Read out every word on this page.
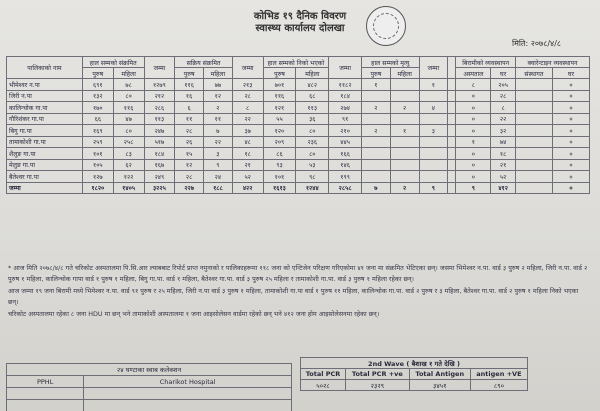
कोभिड १९ दैनिक विवरण
स्वास्थ्य कार्यालय दोलखा
मिति: २०७८/४/८
पालिकाको नाम	हाल सम्मको संक्रमित		जम्मा	सक्रिय संक्रमित		जम्मा	हाल सम्मको निको भएको		जम्मा	हाल सम्मको मृत्यु		जम्मा		बिरामीको व्यवस्थापन		क्वारेन्टाइन व्यवस्थापन	
	पुरुष	महिला		पुरुष	महिला		पुरुष	महिला		पुरुष	महिला			अस्पताल	घर	संस्थागत	घर
भीमेश्वर न.पा	६९१	७८	१२७९	११६	७७	२१३	७०१	४८२	११८२	१		१		८	२०५		०
जिरी न.पा	१३२	८०	२१२	१६	१२	२८	११६	६८	१८४					०	२८		०
कालिन्चोक गा.पा	१७०	११६	२८६	६	२	८	१२१	११३	२७४	२	२	४		०	८		०
गौरिशंकर गा.पा	६६	४७	११३	११	११	२२	५५	३६	९१					०	२२		०
बिगु गा.पा	१६९	८०	२४७	२८	७	३७	१२०	८०	२१०	२	१	३		०	३२		०
तामाकोशी गा.पा	२५९	२५८	५१७	२६	२२	४८	२०९	२३६	४४५					१	७४		०
शैलुङ गा.पा	१०१	८३	१८४	१५	३	१८	८६	८०	१६६					०	१८		०
मेलुङ गा.पा	१०५	६२	१६७	१२	९	२१	९३	५३	१४६					०	२१		०
बैतेश्वर गा.पा	१२७	१२२	२४९	२८	२४	५२	१०१	९८	१९९					०	५२		०
जम्मा	१८२०	१४०५	३२२५	२२७	१८८	४२२	१६१३	१२४४	२८५८	७	२	९		९	४१२		०

* आज मिति २०७८/४/८ गते चरिकोट अस्पतालमा पि.सि.आर ल्याबबाट रिपोर्ट प्राप्त नमुनाको र पालिकाहरूमा ११८ जना को एन्टिजेन परिक्षण गरिएकोमा ४१ जना मा संक्रमित भेटिएका छन्। जसमा भिमेश्वर न.पा. वार्ड ३ पुरुष २ महिला, जिरी न.पा. वार्ड २ पुरुष १ महिला, कालिन्चोक गापा वार्ड १ पुरुष १ महिला, बिगु गा.पा. वार्ड १ महिला, बैतेश्वर गा.पा. वार्ड ३ पुरुष २५ महिला र तामाकोशी गा.पा. वार्ड ३ पुरुष १ महिला रहेका छन्।

आज जम्मा १९ जना बिरामी मध्ये भिमेश्वर न.पा. वार्ड ९१ पुरुष र २५ महिला, जिरी न.पा वार्ड ३ पुरुष १ महिला, तामाकोशी गा.पा वार्ड १ पुरुष ११ महिला, कालिन्चोक गा.पा. वार्ड २ पुरुष र ३ महिला, बैतेश्वर गा.पा. वार्ड २ पुरुष १ महिला निको भएका छन्।

चरिकोट अस्पतालमा रहेका ८ जना HDU मा छन् भने तामाकोशी अस्पतालमा १ जना आइसोलेसन वार्डमा रहेको छन् भने ४१२ जना होम आइसोलेसनमा रहेका छन्।

२४ घण्टाका स्वाब कलेक्शन	
PPHL	Charikot Hospital

2nd Wave ( बैशाख १ गते देखि )			
Total PCR	Total PCR +ve	Total Antigen	antigen +VE
५०२८	२३२९	३४५१	८९०
